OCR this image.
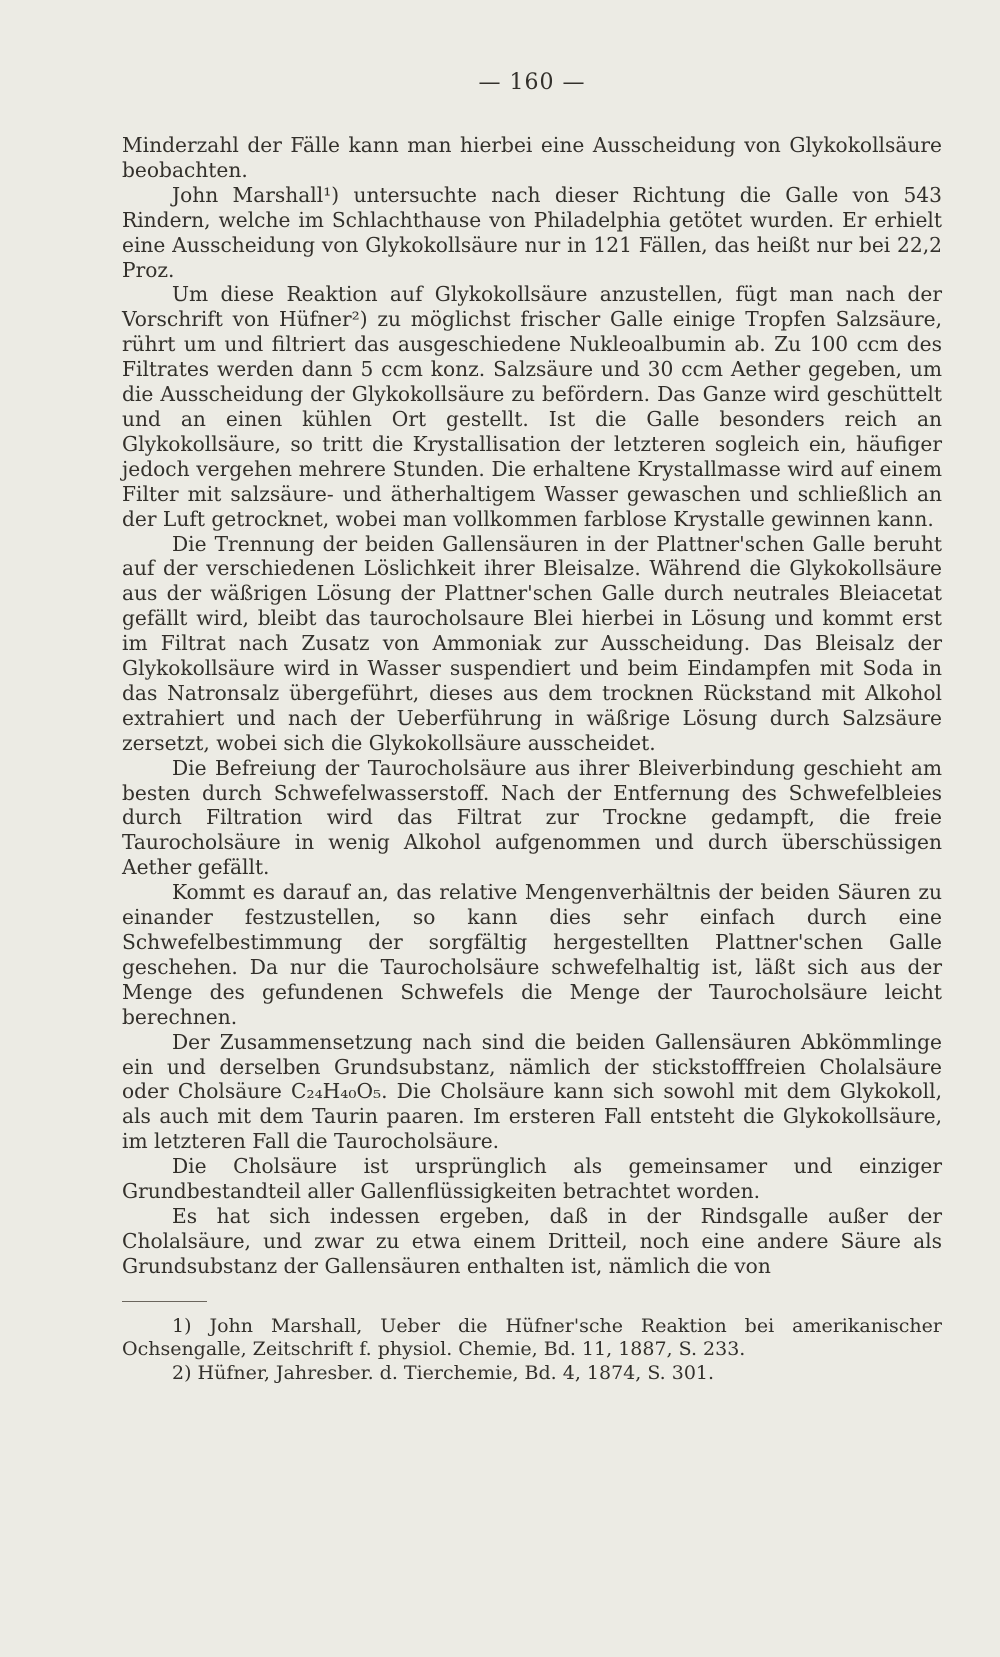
— 160 —

Minderzahl der Fälle kann man hierbei eine Ausscheidung von Glykokollsäure beobachten.

John Marshall¹) untersuchte nach dieser Richtung die Galle von 543 Rindern, welche im Schlachthause von Philadelphia getötet wurden. Er erhielt eine Ausscheidung von Glykokollsäure nur in 121 Fällen, das heißt nur bei 22,2 Proz.

Um diese Reaktion auf Glykokollsäure anzustellen, fügt man nach der Vorschrift von Hüfner²) zu möglichst frischer Galle einige Tropfen Salzsäure, rührt um und filtriert das ausgeschiedene Nukleoalbumin ab. Zu 100 ccm des Filtrates werden dann 5 ccm konz. Salzsäure und 30 ccm Aether gegeben, um die Ausscheidung der Glykokollsäure zu befördern. Das Ganze wird geschüttelt und an einen kühlen Ort gestellt. Ist die Galle besonders reich an Glykokollsäure, so tritt die Krystallisation der letzteren sogleich ein, häufiger jedoch vergehen mehrere Stunden. Die erhaltene Krystallmasse wird auf einem Filter mit salzsäure- und ätherhaltigem Wasser gewaschen und schließlich an der Luft getrocknet, wobei man vollkommen farblose Krystalle gewinnen kann.

Die Trennung der beiden Gallensäuren in der Plattner'schen Galle beruht auf der verschiedenen Löslichkeit ihrer Bleisalze. Während die Glykokollsäure aus der wäßrigen Lösung der Plattner'schen Galle durch neutrales Bleiacetat gefällt wird, bleibt das taurocholsaure Blei hierbei in Lösung und kommt erst im Filtrat nach Zusatz von Ammoniak zur Ausscheidung. Das Bleisalz der Glykokollsäure wird in Wasser suspendiert und beim Eindampfen mit Soda in das Natronsalz übergeführt, dieses aus dem trocknen Rückstand mit Alkohol extrahiert und nach der Ueberführung in wäßrige Lösung durch Salzsäure zersetzt, wobei sich die Glykokollsäure ausscheidet.

Die Befreiung der Taurocholsäure aus ihrer Bleiverbindung geschieht am besten durch Schwefelwasserstoff. Nach der Entfernung des Schwefelbleies durch Filtration wird das Filtrat zur Trockne gedampft, die freie Taurocholsäure in wenig Alkohol aufgenommen und durch überschüssigen Aether gefällt.

Kommt es darauf an, das relative Mengenverhältnis der beiden Säuren zu einander festzustellen, so kann dies sehr einfach durch eine Schwefelbestimmung der sorgfältig hergestellten Plattner'schen Galle geschehen. Da nur die Taurocholsäure schwefelhaltig ist, läßt sich aus der Menge des gefundenen Schwefels die Menge der Taurocholsäure leicht berechnen.

Der Zusammensetzung nach sind die beiden Gallensäuren Abkömmlinge ein und derselben Grundsubstanz, nämlich der stickstofffreien Cholalsäure oder Cholsäure C₂₄H₄₀O₅. Die Cholsäure kann sich sowohl mit dem Glykokoll, als auch mit dem Taurin paaren. Im ersteren Fall entsteht die Glykokollsäure, im letzteren Fall die Taurocholsäure.

Die Cholsäure ist ursprünglich als gemeinsamer und einziger Grundbestandteil aller Gallenflüssigkeiten betrachtet worden.

Es hat sich indessen ergeben, daß in der Rindsgalle außer der Cholalsäure, und zwar zu etwa einem Dritteil, noch eine andere Säure als Grundsubstanz der Gallensäuren enthalten ist, nämlich die von

1) John Marshall, Ueber die Hüfner'sche Reaktion bei amerikanischer Ochsengalle, Zeitschrift f. physiol. Chemie, Bd. 11, 1887, S. 233.

2) Hüfner, Jahresber. d. Tierchemie, Bd. 4, 1874, S. 301.
